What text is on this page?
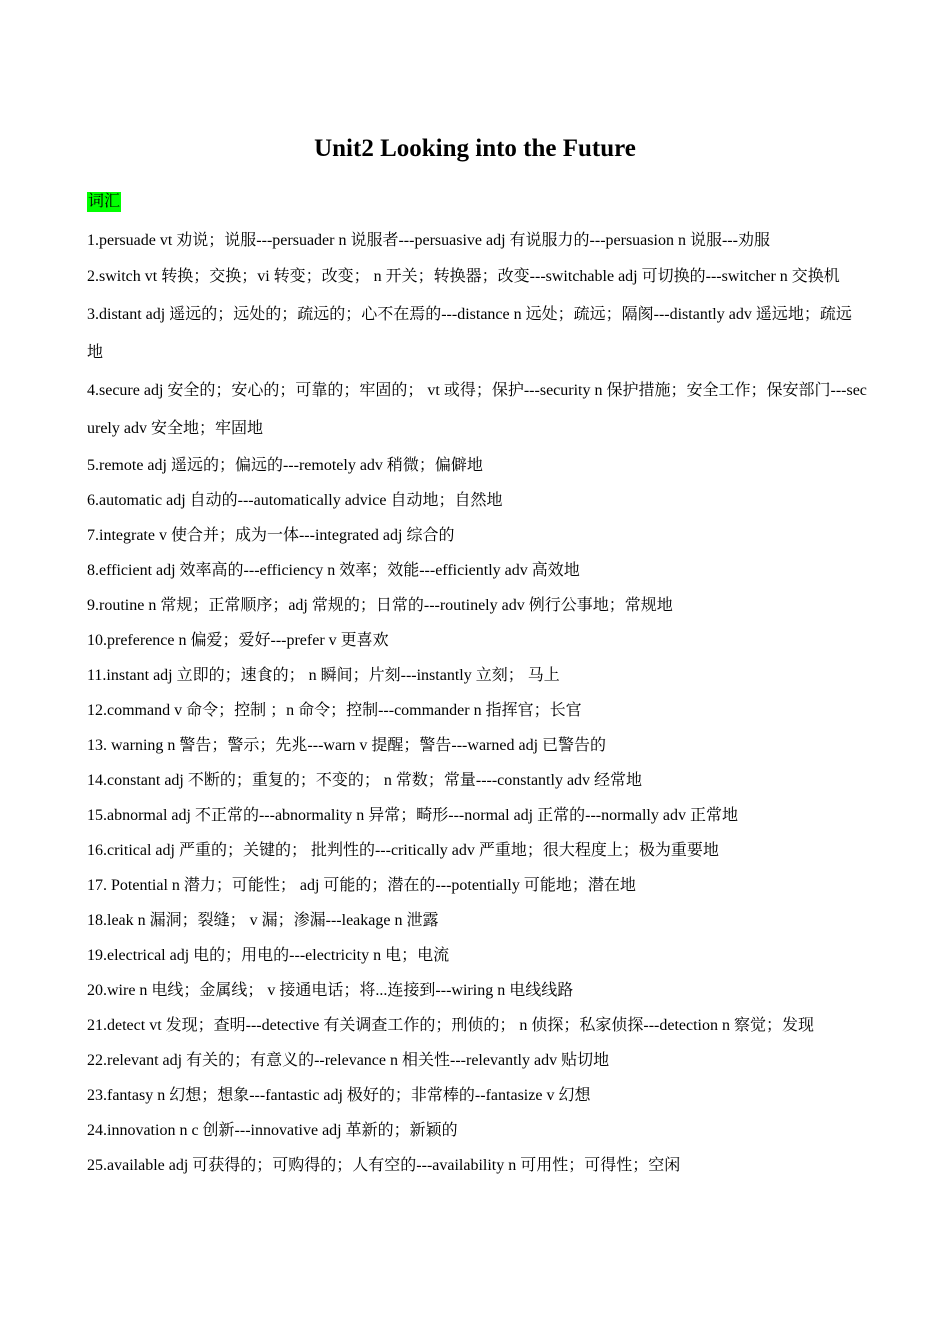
Unit2 Looking into the Future
词汇
1.persuade vt 劝说；说服---persuader n 说服者---persuasive adj 有说服力的---persuasion n 说服---劝服
2.switch vt 转换；交换；vi 转变；改变； n 开关；转换器；改变---switchable adj 可切换的---switcher n 交换机
3.distant adj 遥远的；远处的；疏远的；心不在焉的---distance n 远处；疏远；隔阂---distantly adv 遥远地；疏远地
4.secure adj 安全的；安心的；可靠的；牢固的； vt 或得；保护---security n 保护措施；安全工作；保安部门---securely adv 安全地；牢固地
5.remote adj 遥远的；偏远的---remotely adv 稍微；偏僻地
6.automatic adj 自动的---automatically advice 自动地；自然地
7.integrate v 使合并；成为一体---integrated adj 综合的
8.efficient adj 效率高的---efficiency n 效率；效能---efficiently adv 高效地
9.routine n 常规；正常顺序；adj 常规的；日常的---routinely adv 例行公事地；常规地
10.preference n 偏爱；爱好---prefer v 更喜欢
11.instant adj 立即的；速食的； n 瞬间；片刻---instantly 立刻； 马上
12.command v 命令；控制 ；n 命令；控制---commander n 指挥官；长官
13. warning n 警告；警示；先兆---warn v 提醒；警告---warned adj 已警告的
14.constant adj 不断的；重复的；不变的； n 常数；常量----constantly adv 经常地
15.abnormal adj 不正常的---abnormality n 异常；畸形---normal adj 正常的---normally adv 正常地
16.critical adj 严重的；关键的； 批判性的---critically adv 严重地；很大程度上；极为重要地
17. Potential n 潜力；可能性； adj 可能的；潜在的---potentially 可能地；潜在地
18.leak n 漏洞；裂缝； v 漏；渗漏---leakage n 泄露
19.electrical adj 电的；用电的---electricity n 电；电流
20.wire n 电线；金属线； v 接通电话；将...连接到---wiring n 电线线路
21.detect vt 发现；查明---detective 有关调查工作的；刑侦的； n 侦探；私家侦探---detection n 察觉；发现
22.relevant adj 有关的；有意义的--relevance n 相关性---relevantly adv 贴切地
23.fantasy n 幻想；想象---fantastic adj 极好的；非常棒的--fantasize v 幻想
24.innovation n c 创新---innovative adj 革新的；新颖的
25.available adj 可获得的；可购得的；人有空的---availability n 可用性；可得性；空闲
